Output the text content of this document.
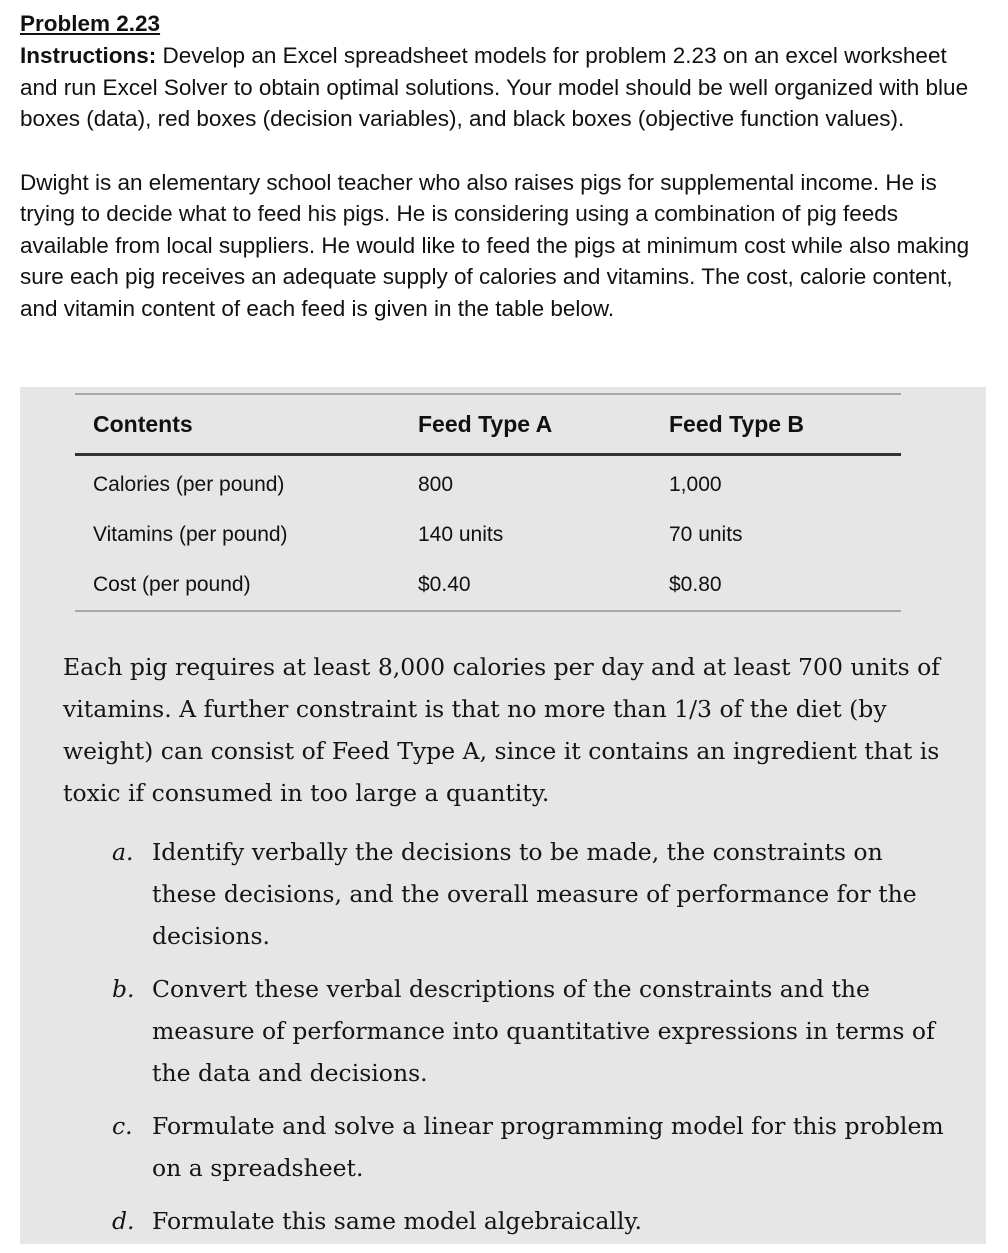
Problem 2.23

Instructions: Develop an Excel spreadsheet models for problem 2.23 on an excel worksheet and run Excel Solver to obtain optimal solutions. Your model should be well organized with blue boxes (data), red boxes (decision variables), and black boxes (objective function values).

Dwight is an elementary school teacher who also raises pigs for supplemental income. He is trying to decide what to feed his pigs. He is considering using a combination of pig feeds available from local suppliers. He would like to feed the pigs at minimum cost while also making sure each pig receives an adequate supply of calories and vitamins. The cost, calorie content, and vitamin content of each feed is given in the table below.

Contents	Feed Type A	Feed Type B
Calories (per pound)	800	1,000
Vitamins (per pound)	140 units	70 units
Cost (per pound)	$0.40	$0.80

Each pig requires at least 8,000 calories per day and at least 700 units of vitamins. A further constraint is that no more than 1/3 of the diet (by weight) can consist of Feed Type A, since it contains an ingredient that is toxic if consumed in too large a quantity.

a. Identify verbally the decisions to be made, the constraints on these decisions, and the overall measure of performance for the decisions.
b. Convert these verbal descriptions of the constraints and the measure of performance into quantitative expressions in terms of the data and decisions.
c. Formulate and solve a linear programming model for this problem on a spreadsheet.
d. Formulate this same model algebraically.
